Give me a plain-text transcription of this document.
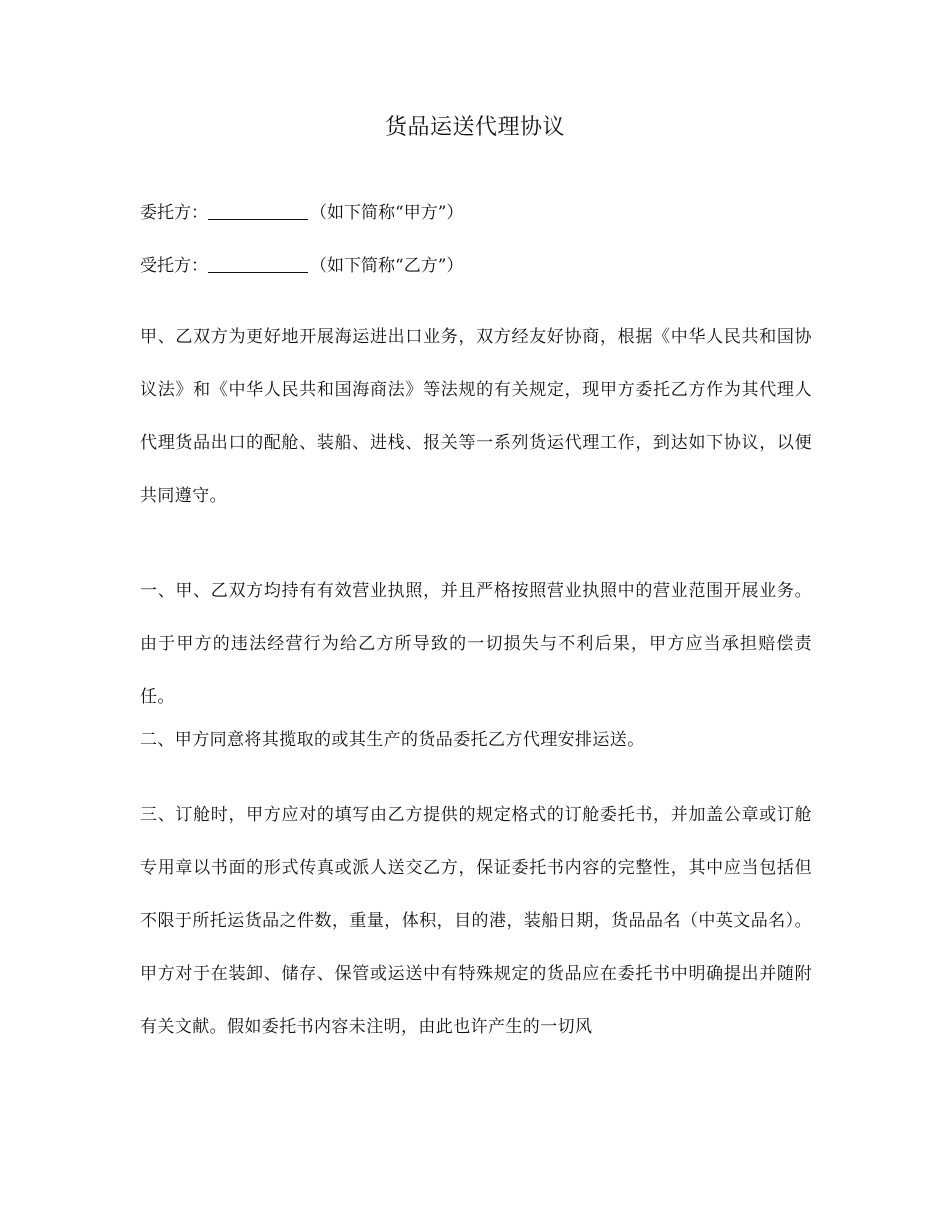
货品运送代理协议
委托方：	（如下简称“甲方”）
受托方：	（如下简称“乙方”）

甲、乙双方为更好地开展海运进出口业务，双方经友好协商，根据《中华人民共和国协议法》和《中华人民共和国海商法》等法规的有关规定，现甲方委托乙方作为其代理人代理货品出口的配舱、装船、进栈、报关等一系列货运代理工作，到达如下协议，以便共同遵守。

一、甲、乙双方均持有有效营业执照，并且严格按照营业执照中的营业范围开展业务。由于甲方的违法经营行为给乙方所导致的一切损失与不利后果，甲方应当承担赔偿责任。

二、甲方同意将其揽取的或其生产的货品委托乙方代理安排运送。

三、订舱时，甲方应对的填写由乙方提供的规定格式的订舱委托书，并加盖公章或订舱专用章以书面的形式传真或派人送交乙方，保证委托书内容的完整性，其中应当包括但不限于所托运货品之件数，重量，体积，目的港，装船日期，货品品名（中英文品名）。甲方对于在装卸、储存、保管或运送中有特殊规定的货品应在委托书中明确提出并随附有关文献。假如委托书内容未注明，由此也许产生的一切风
